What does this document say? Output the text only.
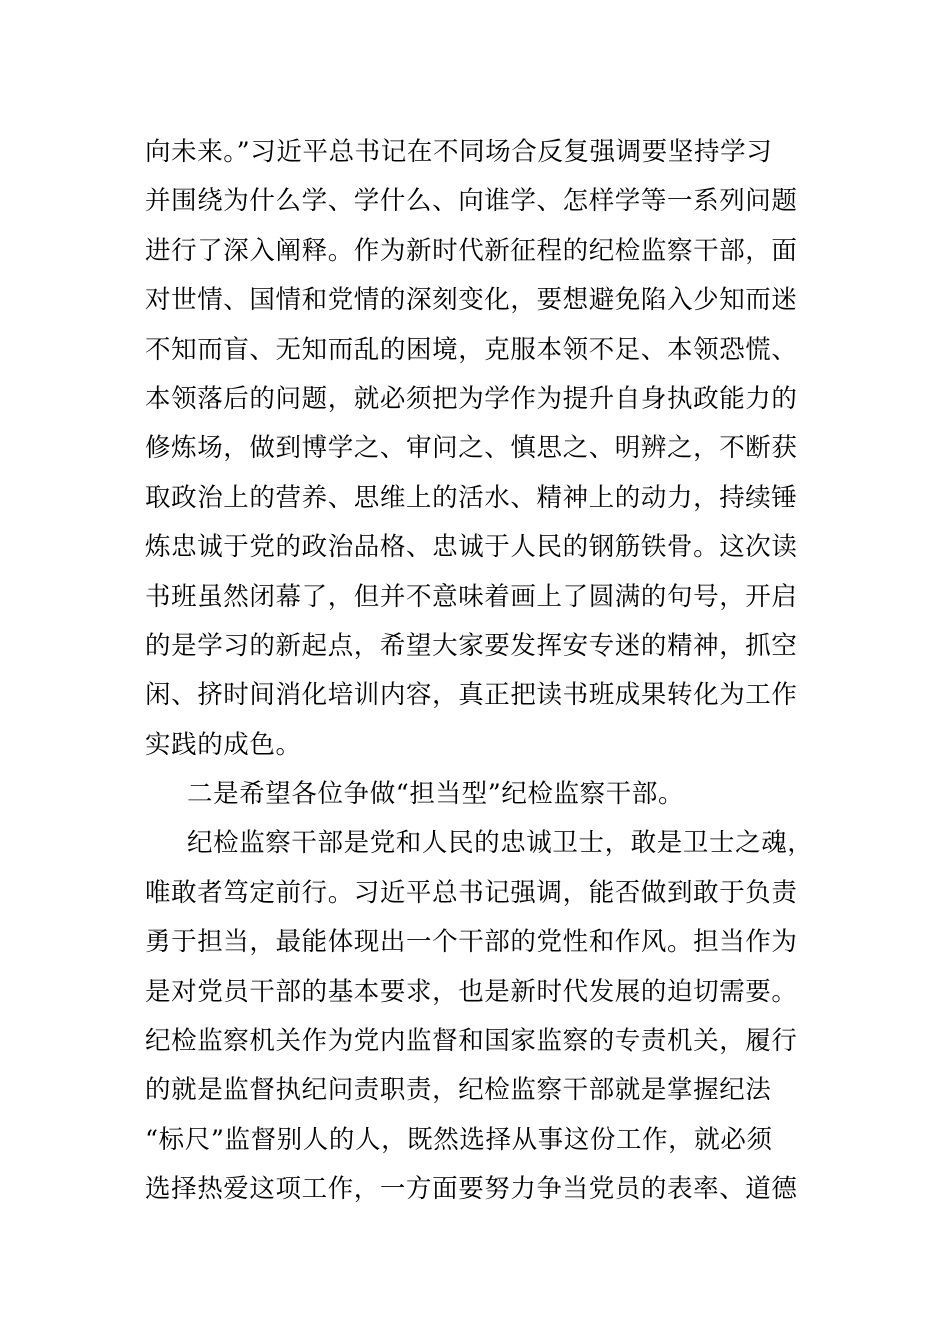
向未来。”习近平总书记在不同场合反复强调要坚持学习
并围绕为什么学、学什么、向谁学、怎样学等一系列问题
进行了深入阐释。作为新时代新征程的纪检监察干部，面
对世情、国情和党情的深刻变化，要想避免陷入少知而迷
不知而盲、无知而乱的困境，克服本领不足、本领恐慌、
本领落后的问题，就必须把为学作为提升自身执政能力的
修炼场，做到博学之、审问之、慎思之、明辨之，不断获
取政治上的营养、思维上的活水、精神上的动力，持续锤
炼忠诚于党的政治品格、忠诚于人民的钢筋铁骨。这次读
书班虽然闭幕了，但并不意味着画上了圆满的句号，开启
的是学习的新起点，希望大家要发挥安专迷的精神，抓空
闲、挤时间消化培训内容，真正把读书班成果转化为工作
实践的成色。
二是希望各位争做“担当型”纪检监察干部。
纪检监察干部是党和人民的忠诚卫士，敢是卫士之魂，
唯敢者笃定前行。习近平总书记强调，能否做到敢于负责
勇于担当，最能体现出一个干部的党性和作风。担当作为
是对党员干部的基本要求，也是新时代发展的迫切需要。
纪检监察机关作为党内监督和国家监察的专责机关，履行
的就是监督执纪问责职责，纪检监察干部就是掌握纪法
“标尺”监督别人的人，既然选择从事这份工作，就必须
选择热爱这项工作，一方面要努力争当党员的表率、道德
